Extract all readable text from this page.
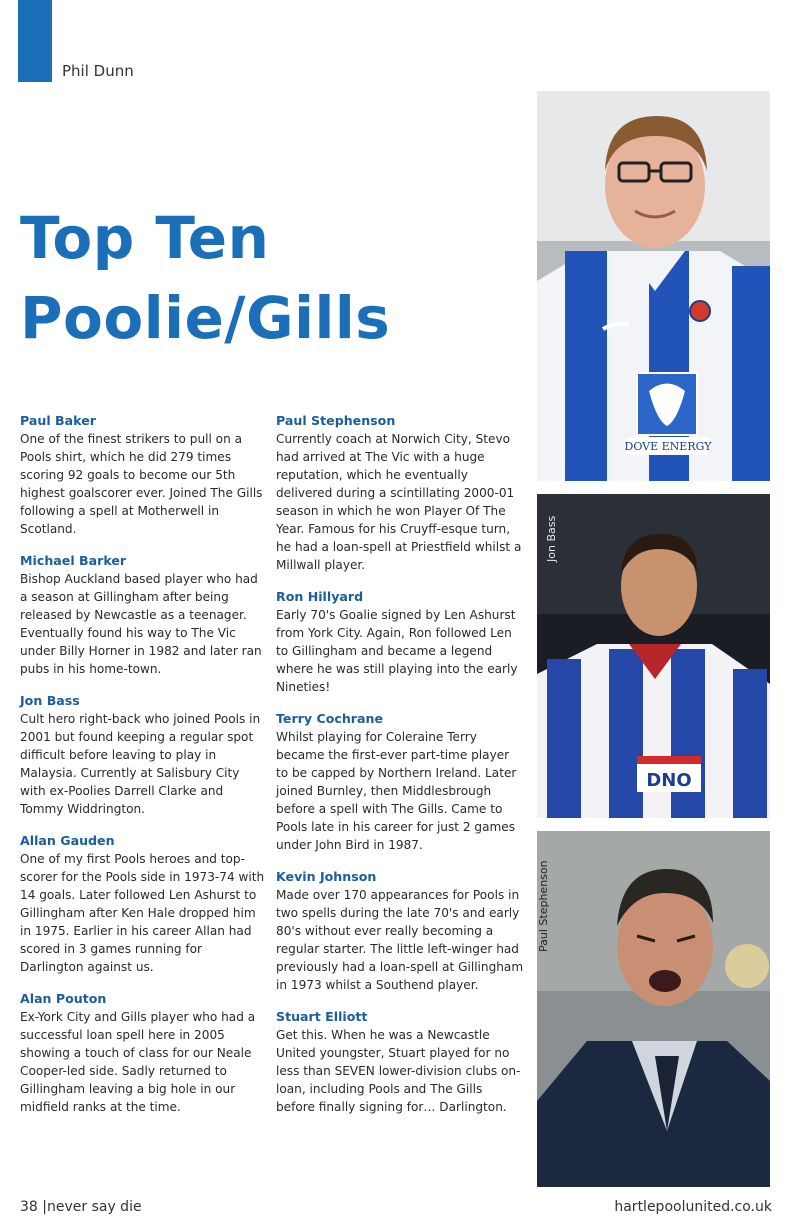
Phil Dunn
Top Ten
Poolie/Gills
Paul Baker

One of the finest strikers to pull on a Pools shirt, which he did 279 times scoring 92 goals to become our 5th highest goalscorer ever. Joined The Gills following a spell at Motherwell in Scotland.

Michael Barker

Bishop Auckland based player who had a season at Gillingham after being released by Newcastle as a teenager. Eventually found his way to The Vic under Billy Horner in 1982 and later ran pubs in his home-town.

Jon Bass

Cult hero right-back who joined Pools in 2001 but found keeping a regular spot difficult before leaving to play in Malaysia. Currently at Salisbury City with ex-Poolies Darrell Clarke and Tommy Widdrington.

Allan Gauden

One of my first Pools heroes and top-scorer for the Pools side in 1973-74 with 14 goals. Later followed Len Ashurst to Gillingham after Ken Hale dropped him in 1975. Earlier in his career Allan had scored in 3 games running for Darlington against us.

Alan Pouton

Ex-York City and Gills player who had a successful loan spell here in 2005 showing a touch of class for our Neale Cooper-led side. Sadly returned to Gillingham leaving a big hole in our midfield ranks at the time.

Paul Stephenson

Currently coach at Norwich City, Stevo had arrived at The Vic with a huge reputation, which he eventually delivered during a scintillating 2000-01 season in which he won Player Of The Year. Famous for his Cruyff-esque turn, he had a loan-spell at Priestfield whilst a Millwall player.

Ron Hillyard

Early 70's Goalie signed by Len Ashurst from York City. Again, Ron followed Len to Gillingham and became a legend where he was still playing into the early Nineties!

Terry Cochrane

Whilst playing for Coleraine Terry became the first-ever part-time player to be capped by Northern Ireland. Later joined Burnley, then Middlesbrough before a spell with The Gills. Came to Pools late in his career for just 2 games under John Bird in 1987.

Kevin Johnson

Made over 170 appearances for Pools in two spells during the late 70's and early 80's without ever really becoming a regular starter. The little left-winger had previously had a loan-spell at Gillingham in 1973 whilst a Southend player.

Stuart Elliott

Get this. When he was a Newcastle United youngster, Stuart played for no less than SEVEN lower-division clubs on-loan, including Pools and The Gills before finally signing for… Darlington.

DOVE ENERGY
DNO
Jon Bass
Paul Stephenson
38 |never say die	hartlepoolunited.co.uk
